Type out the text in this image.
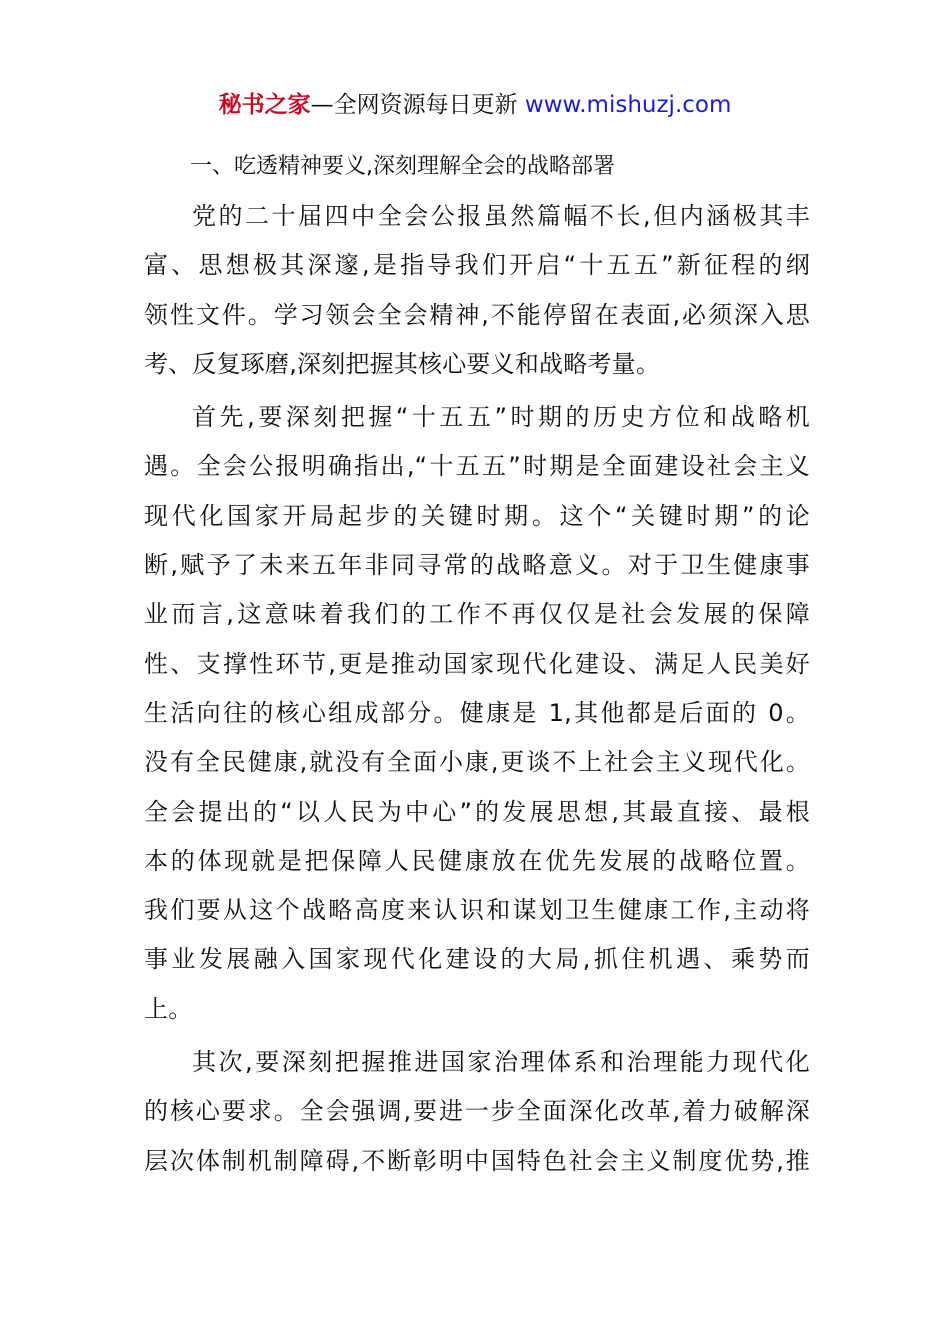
秘书之家—全网资源每日更新 www.mishuzj.com

一、吃透精神要义,深刻理解全会的战略部署

党的二十届四中全会公报虽然篇幅不长,但内涵极其丰
富、思想极其深邃,是指导我们开启“十五五”新征程的纲
领性文件。学习领会全会精神,不能停留在表面,必须深入思
考、反复琢磨,深刻把握其核心要义和战略考量。

首先,要深刻把握“十五五”时期的历史方位和战略机
遇。全会公报明确指出,“十五五”时期是全面建设社会主义
现代化国家开局起步的关键时期。这个“关键时期”的论
断,赋予了未来五年非同寻常的战略意义。对于卫生健康事
业而言,这意味着我们的工作不再仅仅是社会发展的保障
性、支撑性环节,更是推动国家现代化建设、满足人民美好
生活向往的核心组成部分。健康是 1,其他都是后面的 0。
没有全民健康,就没有全面小康,更谈不上社会主义现代化。
全会提出的“以人民为中心”的发展思想,其最直接、最根
本的体现就是把保障人民健康放在优先发展的战略位置。
我们要从这个战略高度来认识和谋划卫生健康工作,主动将
事业发展融入国家现代化建设的大局,抓住机遇、乘势而
上。

其次,要深刻把握推进国家治理体系和治理能力现代化
的核心要求。全会强调,要进一步全面深化改革,着力破解深
层次体制机制障碍,不断彰明中国特色社会主义制度优势,推
